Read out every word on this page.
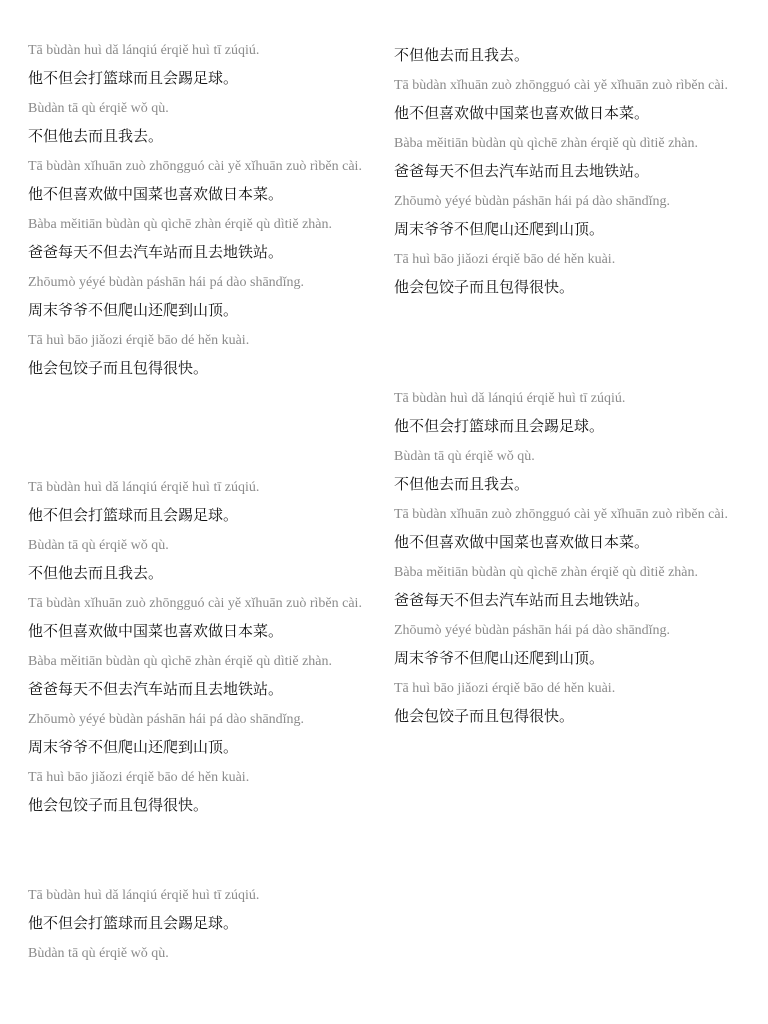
Tā bùdàn huì dǎ lánqiú érqiě huì tī zúqiú.

他不但会打篮球而且会踢足球。

Bùdàn tā qù érqiě wǒ qù.

不但他去而且我去。

Tā bùdàn xǐhuān zuò zhōngguó cài yě xǐhuān zuò rìběn cài.

他不但喜欢做中国菜也喜欢做日本菜。

Bàba měitiān bùdàn qù qìchē zhàn érqiě qù dìtiě zhàn.

爸爸每天不但去汽车站而且去地铁站。

Zhōumò yéyé bùdàn páshān hái pá dào shāndǐng.

周末爷爷不但爬山还爬到山顶。

Tā huì bāo jiǎozi érqiě bāo dé hěn kuài.

他会包饺子而且包得很快。

Tā bùdàn huì dǎ lánqiú érqiě huì tī zúqiú.

他不但会打篮球而且会踢足球。

Bùdàn tā qù érqiě wǒ qù.

不但他去而且我去。

Tā bùdàn xǐhuān zuò zhōngguó cài yě xǐhuān zuò rìběn cài.

他不但喜欢做中国菜也喜欢做日本菜。

Bàba měitiān bùdàn qù qìchē zhàn érqiě qù dìtiě zhàn.

爸爸每天不但去汽车站而且去地铁站。

Zhōumò yéyé bùdàn páshān hái pá dào shāndǐng.

周末爷爷不但爬山还爬到山顶。

Tā huì bāo jiǎozi érqiě bāo dé hěn kuài.

他会包饺子而且包得很快。

Tā bùdàn huì dǎ lánqiú érqiě huì tī zúqiú.

他不但会打篮球而且会踢足球。

Bùdàn tā qù érqiě wǒ qù.

不但他去而且我去。

Tā bùdàn xǐhuān zuò zhōngguó cài yě xǐhuān zuò rìběn cài.

他不但喜欢做中国菜也喜欢做日本菜。

Bàba měitiān bùdàn qù qìchē zhàn érqiě qù dìtiě zhàn.

爸爸每天不但去汽车站而且去地铁站。

Zhōumò yéyé bùdàn páshān hái pá dào shāndǐng.

周末爷爷不但爬山还爬到山顶。

Tā huì bāo jiǎozi érqiě bāo dé hěn kuài.

他会包饺子而且包得很快。

Tā bùdàn huì dǎ lánqiú érqiě huì tī zúqiú.

他不但会打篮球而且会踢足球。

Bùdàn tā qù érqiě wǒ qù.

不但他去而且我去。

Tā bùdàn xǐhuān zuò zhōngguó cài yě xǐhuān zuò rìběn cài.

他不但喜欢做中国菜也喜欢做日本菜。

Bàba měitiān bùdàn qù qìchē zhàn érqiě qù dìtiě zhàn.

爸爸每天不但去汽车站而且去地铁站。

Zhōumò yéyé bùdàn páshān hái pá dào shāndǐng.

周末爷爷不但爬山还爬到山顶。

Tā huì bāo jiǎozi érqiě bāo dé hěn kuài.

他会包饺子而且包得很快。
